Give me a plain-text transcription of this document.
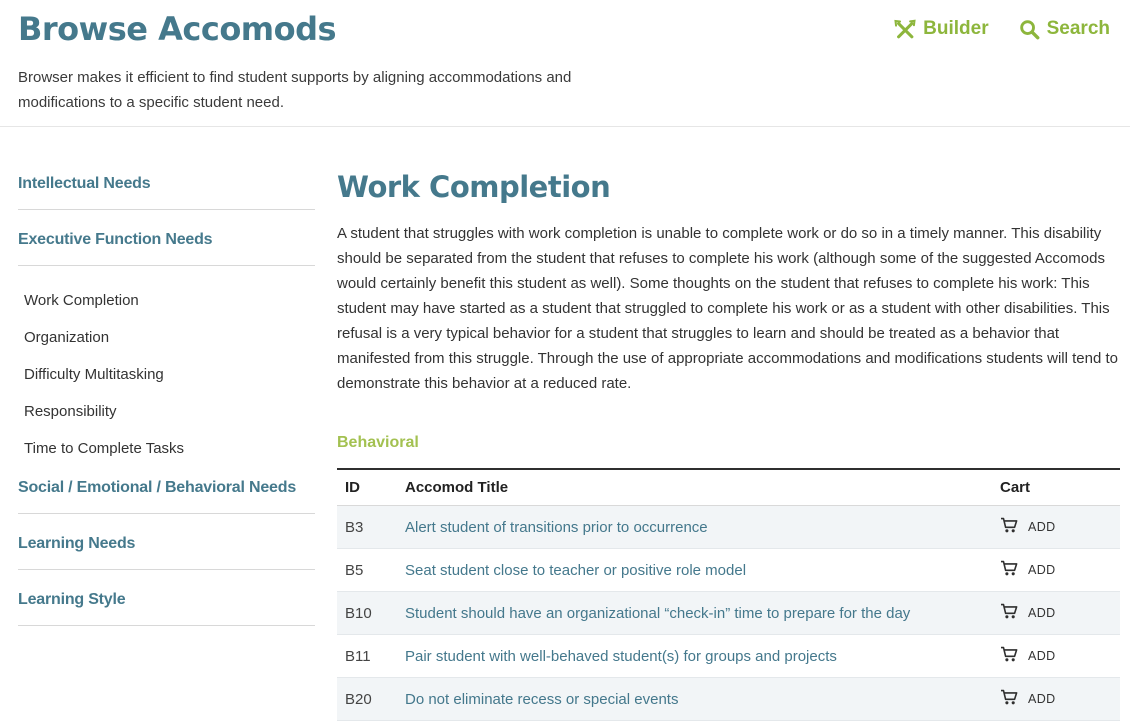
Browse Accomods	Builder	Search

Browser makes it efficient to find student supports by aligning accommodations and modifications to a specific student need.

Intellectual Needs
Executive Function Needs
Work Completion
Organization
Difficulty Multitasking
Responsibility
Time to Complete Tasks
Social / Emotional / Behavioral Needs
Learning Needs
Learning Style
Work Completion

A student that struggles with work completion is unable to complete work or do so in a timely manner. This disability should be separated from the student that refuses to complete his work (although some of the suggested Accomods would certainly benefit this student as well). Some thoughts on the student that refuses to complete his work: This student may have started as a student that struggled to complete his work or as a student with other disabilities. This refusal is a very typical behavior for a student that struggles to learn and should be treated as a behavior that manifested from this struggle. Through the use of appropriate accommodations and modifications students will tend to demonstrate this behavior at a reduced rate.

Behavioral
ID	Accomod Title	Cart
B3	Alert student of transitions prior to occurrence	ADD

B5	Seat student close to teacher or positive role model	ADD

B10	Student should have an organizational “check-in” time to prepare for the day	ADD

B11	Pair student with well-behaved student(s) for groups and projects	ADD

B20	Do not eliminate recess or special events	ADD
